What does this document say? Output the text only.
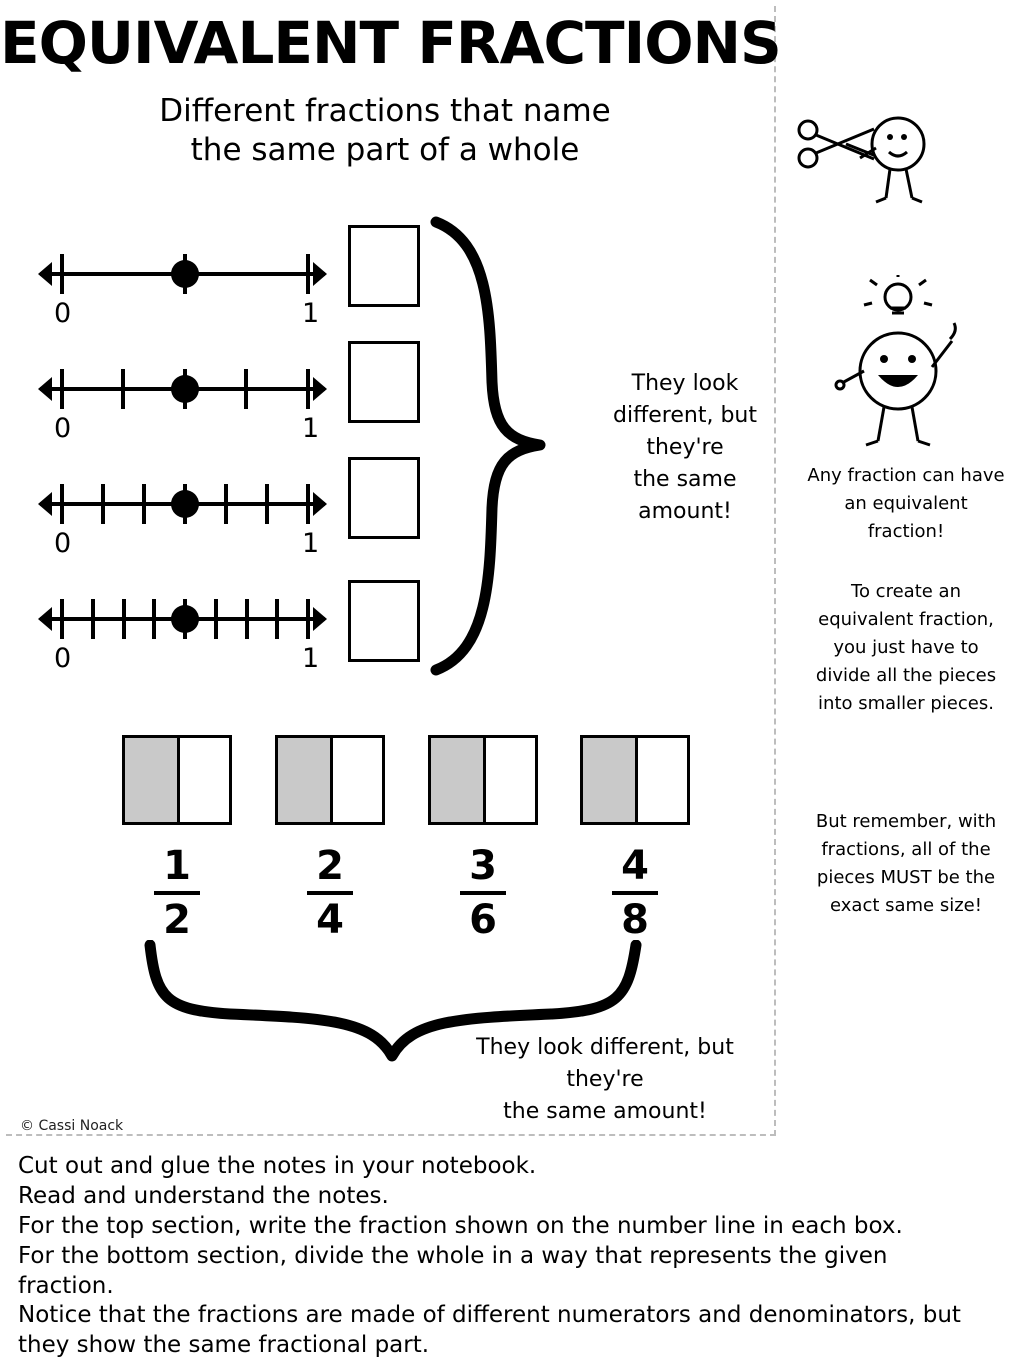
EQUIVALENT FRACTIONS
Different fractions that name
the same part of a whole
0	1
0	1
0	1
0	1
They look
different, but
they're
the same
amount!
1
2
2
4
3
6
4
8
They look different, but
they're
the same amount!
Any fraction can have an equivalent fraction!
To create an equivalent fraction, you just have to divide all the pieces into smaller pieces.
But remember, with fractions, all of the pieces MUST be the exact same size!
© Cassi Noack
Cut out and glue the notes in your notebook.
Read and understand the notes.
For the top section, write the fraction shown on the number line in each box.
For the bottom section, divide the whole in a way that represents the given fraction.
Notice that the fractions are made of different numerators and denominators, but they show the same fractional part.
